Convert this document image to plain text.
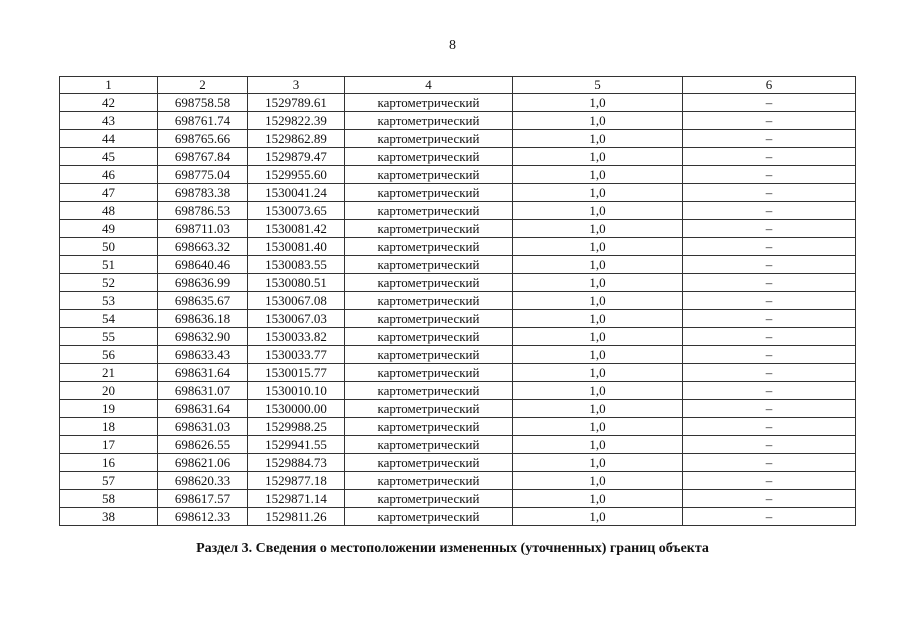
8
1	2	3	4	5	6
42	698758.58	1529789.61	картометрический	1,0	–
43	698761.74	1529822.39	картометрический	1,0	–
44	698765.66	1529862.89	картометрический	1,0	–
45	698767.84	1529879.47	картометрический	1,0	–
46	698775.04	1529955.60	картометрический	1,0	–
47	698783.38	1530041.24	картометрический	1,0	–
48	698786.53	1530073.65	картометрический	1,0	–
49	698711.03	1530081.42	картометрический	1,0	–
50	698663.32	1530081.40	картометрический	1,0	–
51	698640.46	1530083.55	картометрический	1,0	–
52	698636.99	1530080.51	картометрический	1,0	–
53	698635.67	1530067.08	картометрический	1,0	–
54	698636.18	1530067.03	картометрический	1,0	–
55	698632.90	1530033.82	картометрический	1,0	–
56	698633.43	1530033.77	картометрический	1,0	–
21	698631.64	1530015.77	картометрический	1,0	–
20	698631.07	1530010.10	картометрический	1,0	–
19	698631.64	1530000.00	картометрический	1,0	–
18	698631.03	1529988.25	картометрический	1,0	–
17	698626.55	1529941.55	картометрический	1,0	–
16	698621.06	1529884.73	картометрический	1,0	–
57	698620.33	1529877.18	картометрический	1,0	–
58	698617.57	1529871.14	картометрический	1,0	–
38	698612.33	1529811.26	картометрический	1,0	–
Раздел 3. Сведения о местоположении измененных (уточненных) границ объекта
